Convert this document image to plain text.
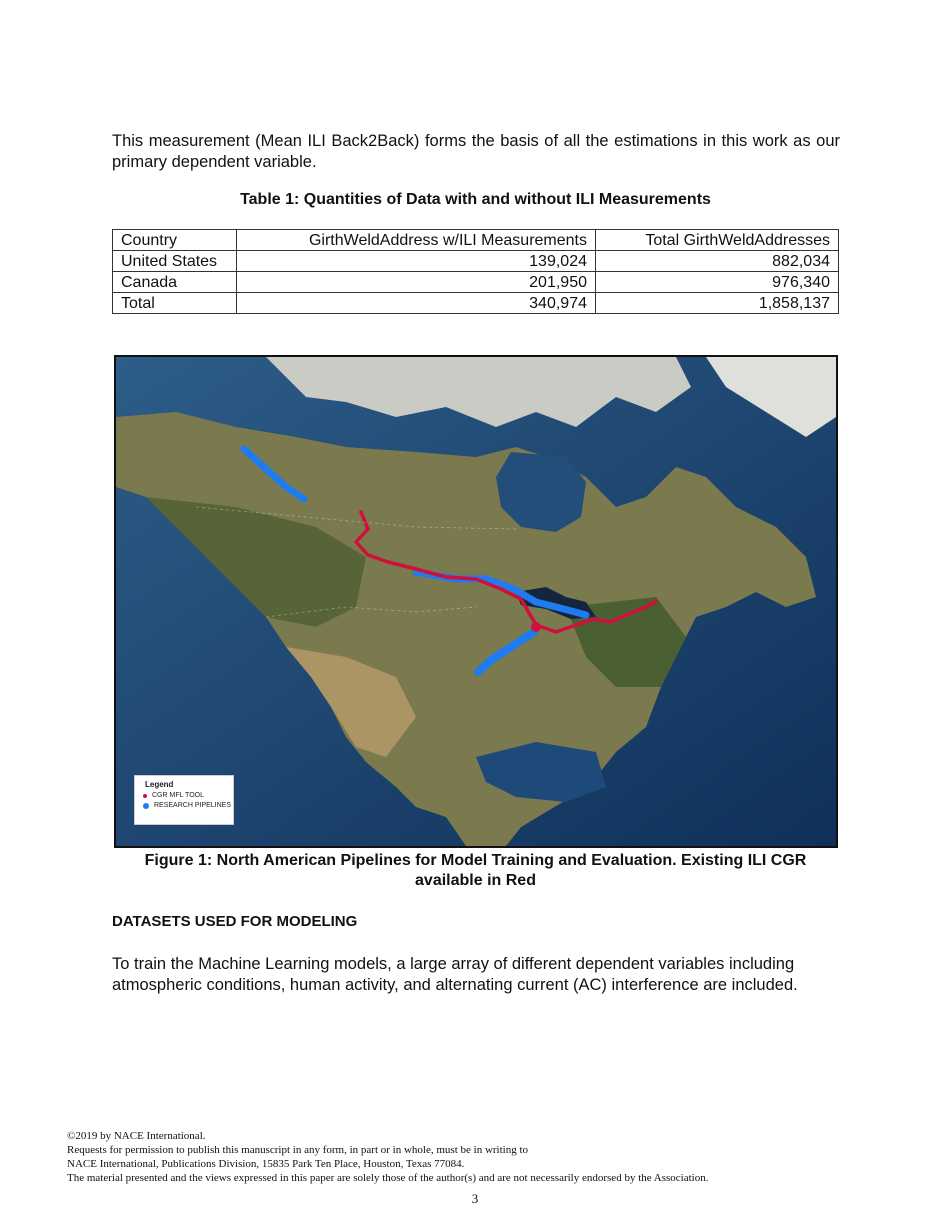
This measurement (Mean ILI Back2Back) forms the basis of all the estimations in this work as our primary dependent variable.

Table 1: Quantities of Data with and without ILI Measurements

Country	GirthWeldAddress w/ILI Measurements	Total GirthWeldAddresses
United States	139,024	882,034
Canada	201,950	976,340
Total	340,974	1,858,137
Legend
CGR MFL TOOL
RESEARCH PIPELINES

Figure 1: North American Pipelines for Model Training and Evaluation. Existing ILI CGR
available in Red

DATASETS USED FOR MODELING

To train the Machine Learning models, a large array of different dependent variables including atmospheric conditions, human activity, and alternating current (AC) interference are included.

©2019 by NACE International.
Requests for permission to publish this manuscript in any form, in part or in whole, must be in writing to
NACE International, Publications Division, 15835 Park Ten Place, Houston, Texas 77084.
The material presented and the views expressed in this paper are solely those of the author(s) and are not necessarily endorsed by the Association.
3
